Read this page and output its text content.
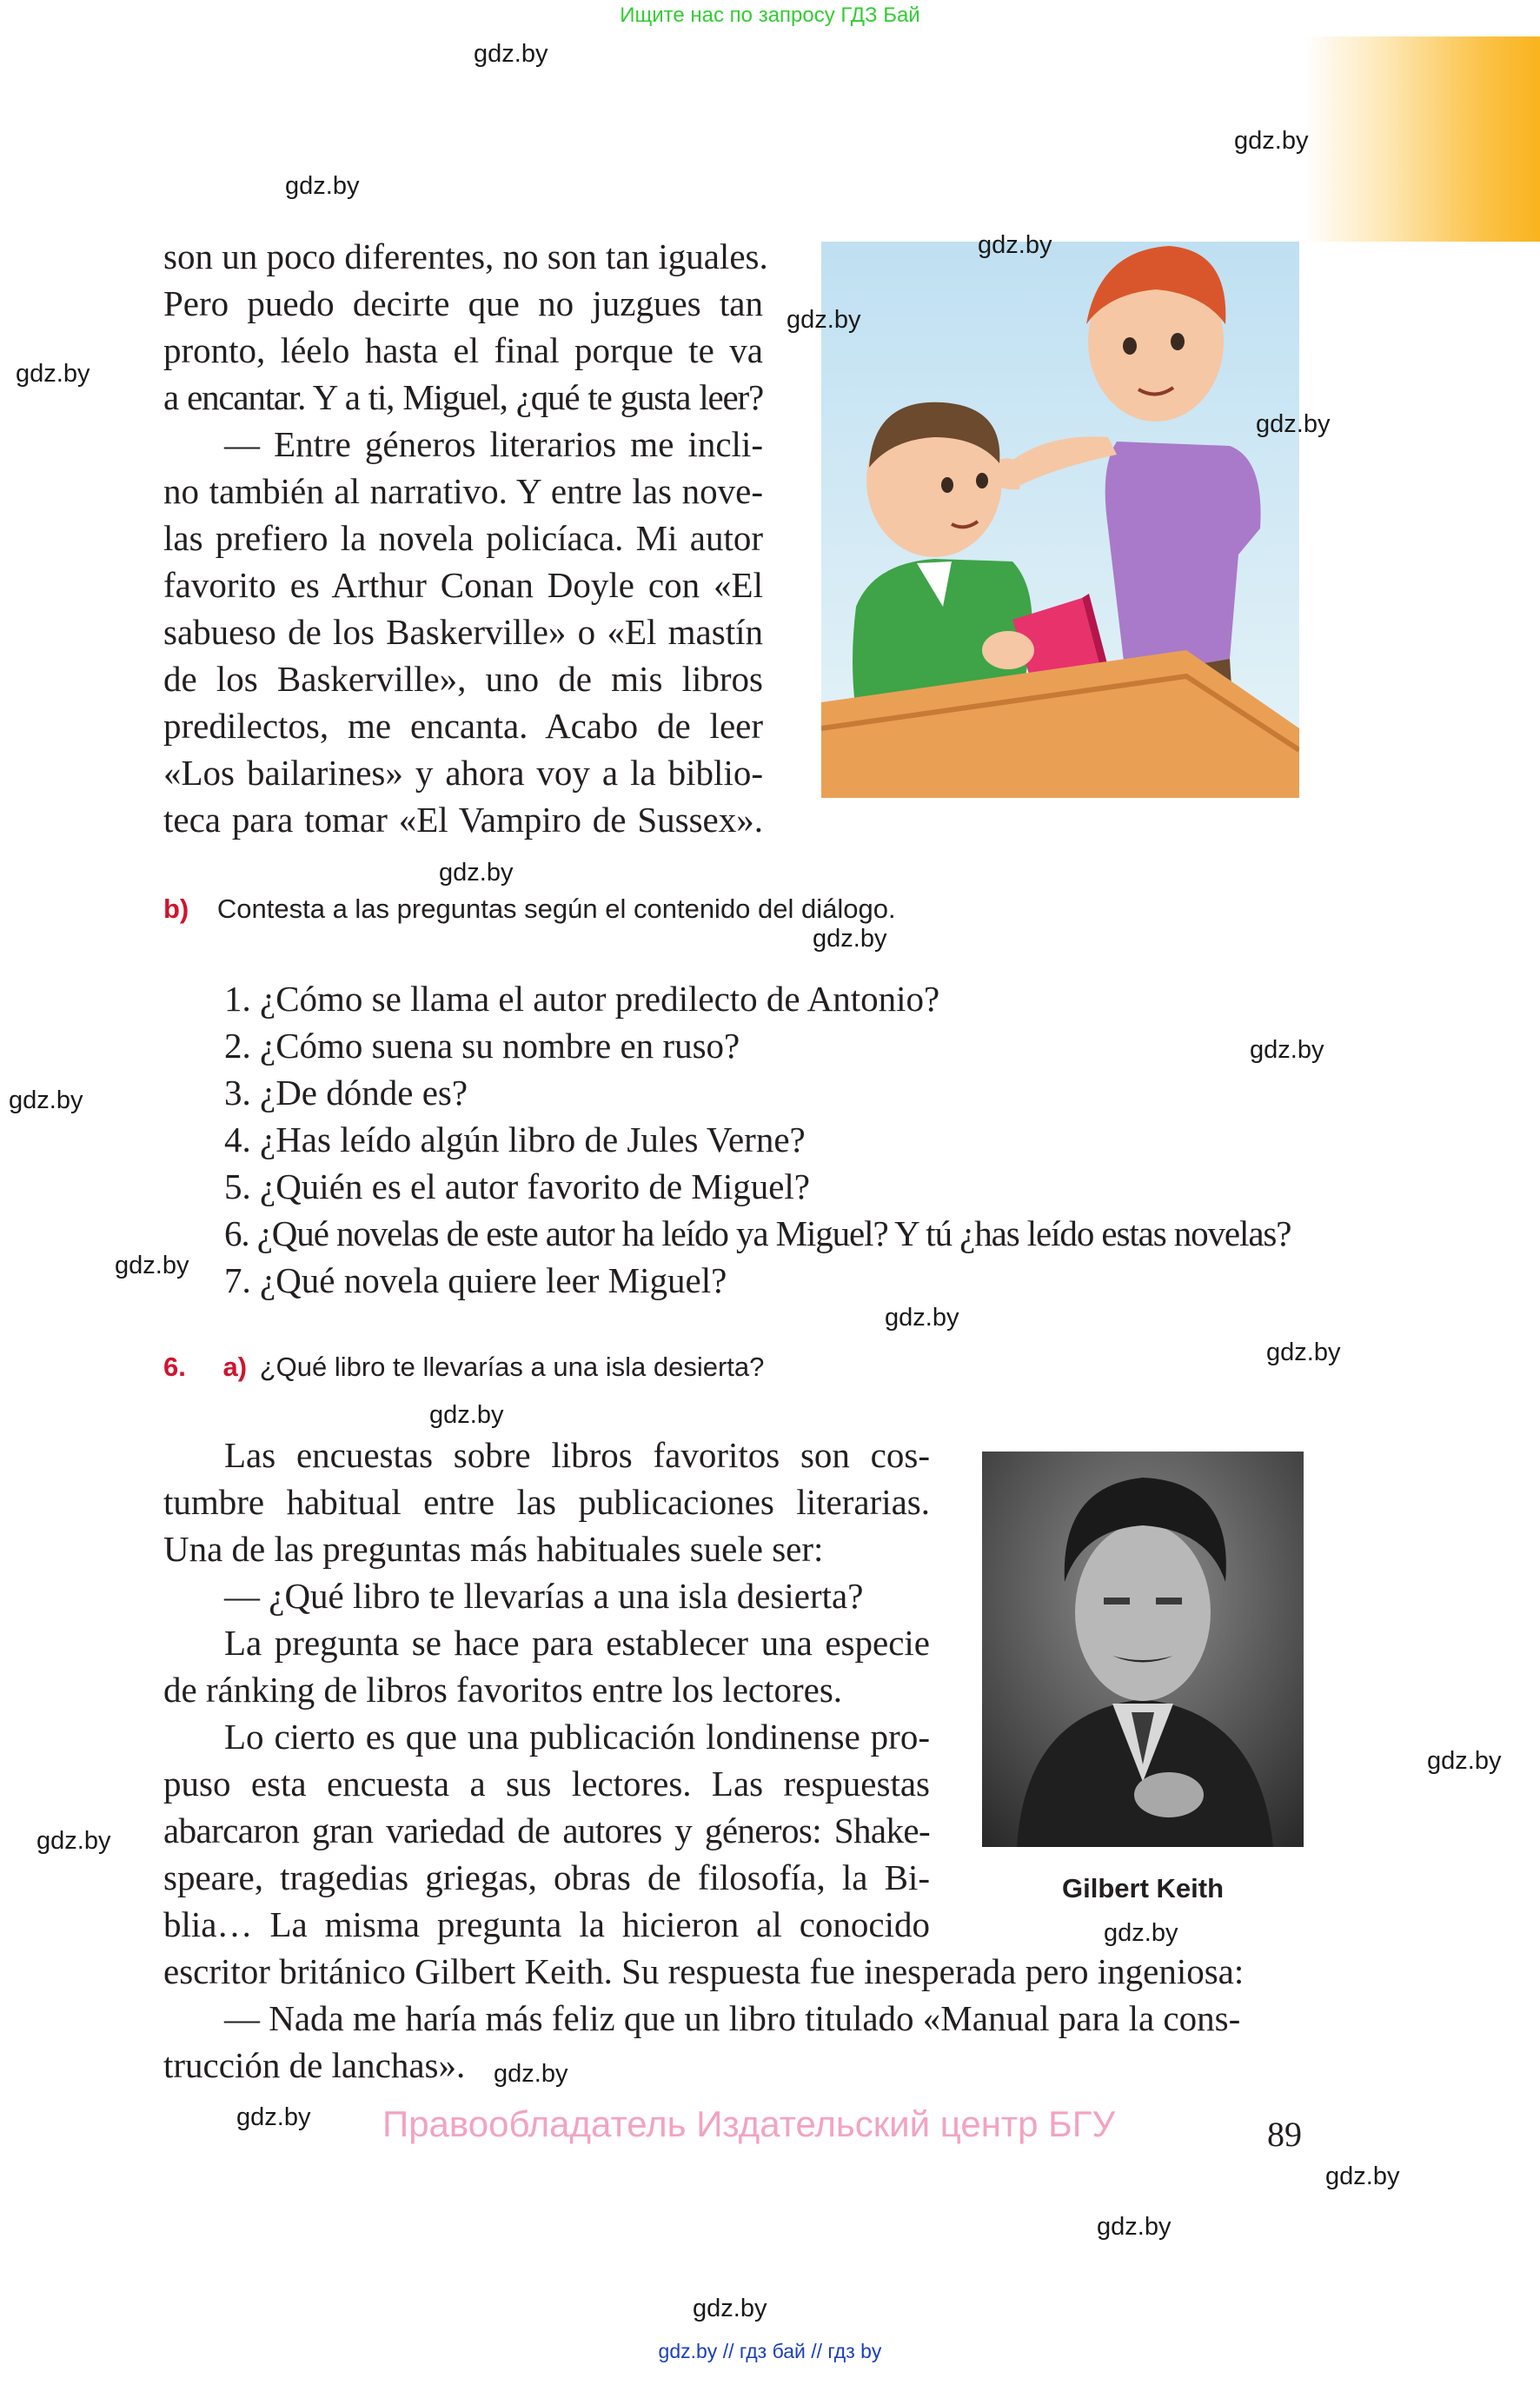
Ищите нас по запросу ГДЗ Бай
son un poco diferentes, no son tan iguales.
Pero puedo decirte que no juzgues tan
pronto, léelo hasta el final porque te va
a encantar. Y a ti, Miguel, ¿qué te gusta leer?
— Entre géneros literarios me incli-
no también al narrativo. Y entre las nove-
las prefiero la novela policíaca. Mi autor
favorito es Arthur Conan Doyle con «El
sabueso de los Baskerville» o «El mastín
de los Baskerville», uno de mis libros
predilectos, me encanta. Acabo de leer
«Los bailarines» y ahora voy a la biblio-
teca para tomar «El Vampiro de Sussex».
b) Contesta a las preguntas según el contenido del diálogo.
1. ¿Cómo se llama el autor predilecto de Antonio?
2. ¿Cómo suena su nombre en ruso?
3. ¿De dónde es?
4. ¿Has leído algún libro de Jules Verne?
5. ¿Quién es el autor favorito de Miguel?
6. ¿Qué novelas de este autor ha leído ya Miguel? Y tú ¿has leído estas novelas?
7. ¿Qué novela quiere leer Miguel?
6. a) ¿Qué libro te llevarías a una isla desierta?
Gilbert Keith
Las encuestas sobre libros favoritos son cos-
tumbre habitual entre las publicaciones literarias.
Una de las preguntas más habituales suele ser:
— ¿Qué libro te llevarías a una isla desierta?
La pregunta se hace para establecer una especie
de ránking de libros favoritos entre los lectores.
Lo cierto es que una publicación londinense pro-
puso esta encuesta a sus lectores. Las respuestas
abarcaron gran variedad de autores y géneros: Shake-
speare, tragedias griegas, obras de filosofía, la Bi-
blia… La misma pregunta la hicieron al conocido
escritor británico Gilbert Keith. Su respuesta fue inesperada pero ingeniosa:
— Nada me haría más feliz que un libro titulado «Manual para la cons-
trucción de lanchas».
Правообладатель Издательский центр БГУ	89
gdz.by // гдз бай // гдз by
gdz.by
gdz.by
gdz.by
gdz.by
gdz.by
gdz.by
gdz.by
gdz.by
gdz.by
gdz.by
gdz.by
gdz.by
gdz.by
gdz.by
gdz.by
gdz.by
gdz.by
gdz.by
gdz.by
gdz.by
gdz.by
gdz.by
gdz.by
